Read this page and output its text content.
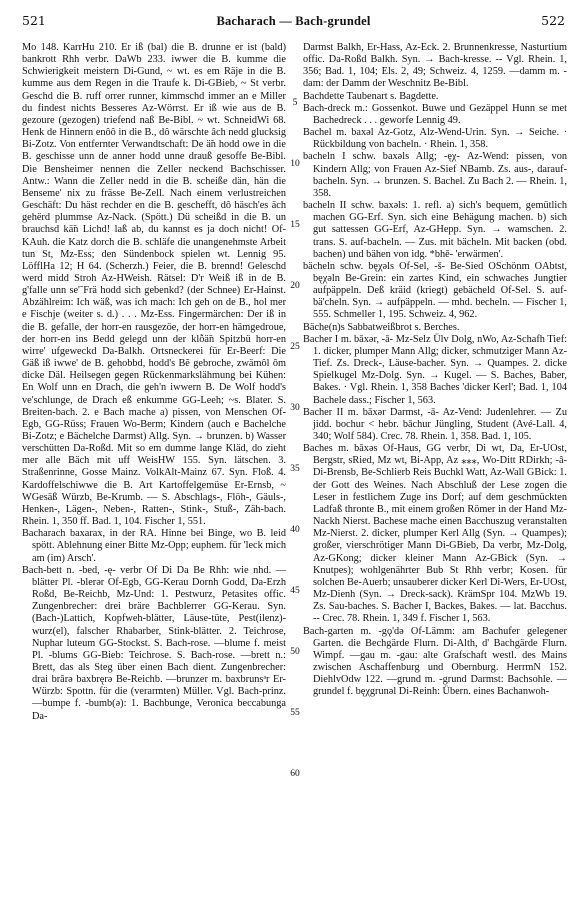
521	Bacharach — Bach-grundel	522

Mo 148. KarrHu 210. Er iß (bal) die B. drunne er ist (bald) bankrott Rhh verbr. DaWb 233. iwwer die B. kumme die Schwierigkeit meistern Di-Gund, ~ wt. es em Räje in die B. kumme aus dem Regen in die Traufe k. Di-GBieb, ~ St verbr. Geschd die B. ruff orrer runner, kimmschd immer an e Miller du findest nichts Besseres Az-Wörrst. Er iß wie aus de B. gezoure (gezogen) triefend naß Be-Bibl. ~ wt. SchneidWi 68. Henk de Hinnern enôô in die B., dô wärschte âch nedd glucksig Bi-Zotz. Von entfernter Verwandtschaft: De ä̃n hodd owe in die B. geschisse unn de anner hodd unne drauß gesoffe Be-Bibl. Die Bensheimer nennen die Zeller neckend Bachschisser. Antw.: Wann die Zeller nedd in die B. scheiße dän, hän die Benseme' nix zu frässe Be-Zell. Nach einem verlustreichen Geschäft: Du häst rechder en die B. geschefft, dô häsch'es äch gehërd plummse Az-Nack. (Spött.) Dü scheißd in die B. un brauchsd kä̃n Lichd! laß ab, du kannst es ja doch nicht! Of-KAuh. die Katz dorch die B. schläfe die unangenehmste Arbeit tun St, Mz-Ess; den Sündenbock spielen wt. Lennig 95. LöfflHa 12; H 64. (Scherzh.) Feier, die B. brennd! Geleschd werd midd Stroh Az-HWeish. Rätsel: D'r Weiß iß in de B. g'falle unn se'̃ Frä hodd sich gebenkd? (der Schnee) Er-Hainst. Abzählreim: Ich wäß, was ich mach: Ich geh on de B., hol mer e Fischje (weiter s. d.) . . . Mz-Ess. Fingermärchen: Der iß in die B. gefalle, der horr-en rausgezöe, der horr-en hämgedroue, der horr-en ins Bedd gelegd unn der klỗä̃n Spitzbü horr-en wirre' ufgeweckd Da-Balkh. Ortsneckerei für Er-Beerf: Die Gäß iß iwwe' de B. gehobbd, hodd's Bẽ gebroche, zwämôl ôm dicke Däl. Heilsegen gegen Rückenmarkslähmung bei Kühen: En Wolf unn en Drach, die geh'n iwwern B. De Wolf hodd's ve'schlunge, de Drach eß enkumme GG-Leeh; ~s. Blater. S. Breiten-bach. 2. e Bach mache a) pissen, von Menschen Of-Egb, GG-Rüss; Frauen Wo-Berm; Kindern (auch e Bachelche Bi-Zotz; e Bächelche Darmst) Allg. Syn. → brunzen. b) Wasser verschütten Da-Roßd. Mit so em dumme lange Kläd, do zieht mer alle Bäch mit uff WeisHW 155. Syn. lätschen. 3. Straßenrinne, Gosse Mainz. VolkAlt-Mainz 67. Syn. Floß. 4. Kardoffelschiwwe die B. Art Kartoffelgemüse Er-Ernsb, ~ WGesäß Würzb, Be-Krumb. — S. Abschlags-, Flöh-, Gäuls-, Henken-, Lägen-, Neben-, Ratten-, Stink-, Stuß-, Zäh-bach. Rhein. 1, 350 ff. Bad. 1, 104. Fischer 1, 551.

Bacharach baxarax, in der RA. Hinne bei Binge, wo B. leid spött. Ablehnung einer Bitte Mz-Opp; euphem. für 'leck mich am (im) Arsch'.

Bach-bett n. -bed, -ę- verbr Of Di Da Be Rhh: wie nhd. —blätter Pl. -blerər Of-Egb, GG-Kerau Dornh Godd, Da-Erzh Roßd, Be-Reichb, Mz-Und: 1. Pestwurz, Petasites offic. Zungenbrecher: drei bräre Bachblerrer GG-Kerau. Syn. (Bach-)Lattich, Kopfweh-blätter, Läuse-tüte, Pest(ilenz)-wurz(el), falscher Rhabarber, Stink-blätter. 2. Teichrose, Nuphar luteum GG-Stockst. S. Bach-rose. —blume f. meist Pl. -blums GG-Bieb: Teichrose. S. Bach-rose. —brett n.: Brett, das als Steg über einen Bach dient. Zungenbrecher: drai brârə baxbręrə Be-Reichb. —brunzer m. baxbrunsᵊr Er-Würzb: Spottn. für die (verarmten) Müller. Vgl. Bach-prinz. —bumpe f. -bumb(ə): 1. Bachbunge, Veronica beccabunga Da-

5
10
15
20
25
30
35
40
45
50
55
60

Darmst Balkh, Er-Hass, Az-Eck. 2. Brunnenkresse, Nasturtium offic. Da-Roßd Balkh. Syn. → Bach-kresse. -- Vgl. Rhein. 1, 356; Bad. 1, 104; Els. 2, 49; Schweiz. 4, 1259. —damm m. -dam: der Damm der Weschnitz Be-Bibl.

Bachdette Taubenart s. Bagdette.

Bach-dreck m.: Gossenkot. Buwe und Gezäppel Hunn se met Bachedreck . . . geworfe Lennig 49.

Bachel m. baxəl Az-Gotz, Alz-Wend-Urin. Syn. → Seiche. · Rückbildung von bacheln. · Rhein. 1, 358.

bacheln I schw. baxəls Allg; -ęχ- Az-Wend: pissen, von Kindern Allg; von Frauen Az-Sief NBamb. Zs. aus-, darauf-bacheln. Syn. → brunzen. S. Bachel. Zu Bach 2. — Rhein. 1, 358.

bacheln II schw. baxəls: 1. refl. a) sich's bequem, gemütlich machen GG-Erf. Syn. sich eine Behägung machen. b) sich gut sattessen GG-Erf, Az-GHepp. Syn. → wamschen. 2. trans. S. auf-bacheln. — Zus. mit bächeln. Mit backen (obd. bachen) und bähen von idg. *bhē- 'erwärmen'.

bächeln schw. bęχəls Of-Sel, -š- Be-Sied OSchönm OAbtst, bęχəln Be-Grein: ein zartes Kind, ein schwaches Jungtier aufpäppeln. Deß kräid (kriegt) gebächeld Of-Sel. S. auf-bä'cheln. Syn. → aufpäppeln. — mhd. becheln. — Fischer 1, 555. Schmeller 1, 195. Schweiz. 4, 962.

Bäche(n)s Sabbatweißbrot s. Berches.

Bacher I m. bāxər, -ā- Mz-Selz Ülv Dolg, nWo, Az-Schafh Tief: 1. dicker, plumper Mann Allg; dicker, schmutziger Mann Az-Tief. Zs. Dreck-, Läuse-bacher. Syn. → Quampes. 2. dicke Spielkugel Mz-Dolg. Syn. → Kugel. — S. Baches, Baber, Bakes. · Vgl. Rhein. 1, 358 Baches 'dicker Kerl'; Bad. 1, 104 Bachele dass.; Fischer 1, 563.

Bacher II m. bāxər Darmst, -ā- Az-Vend: Judenlehrer. — Zu jidd. bochur < hebr. bāchur Jüngling, Student (Avé-Lall. 4, 340; Wolf 584). Crec. 78. Rhein. 1, 358. Bad. 1, 105.

Baches m. bāxəs Of-Haus, GG verbr, Di wt, Da, Er-UOst, Bergstr, sRied, Mz wt, Bi-App, Az ⁎⁎⁎, Wo-Ditt RDirkh; -â- Di-Brensb, Be-Schlierb Reis Buchkl Watt, Az-Wall GBick: 1. der Gott des Weines. Nach Abschluß der Lese zogen die Leser in festlichem Zuge ins Dorf; auf dem geschmückten Ladfaß thronte B., mit einem großen Römer in der Hand Mz-Nackh Nierst. Bachese mache einen Bacchuszug veranstalten Mz-Nierst. 2. dicker, plumper Kerl Allg (Syn. → Quampes); großer, vierschrötiger Mann Di-GBieb, Da verbr, Mz-Dolg, Az-GKong; dicker kleiner Mann Az-GBick (Syn. → Knutpes); wohlgenährter Bub St Rhh verbr; Kosen. für solchen Be-Auerb; unsauberer dicker Kerl Di-Wers, Er-UOst, Mz-Dienh (Syn. → Dreck-sack). KrämSpr 104. MzWb 19. Zs. Sau-baches. S. Bacher I, Backes, Bakes. — lat. Bacchus. -- Crec. 78. Rhein. 1, 349 f. Fischer 1, 563.

Bach-garten m. -gǫ'də Of-Lämm: am Bachufer gelegener Garten. die Bechgärde Flurn. Di-Alth, d' Bachgärde Flurn. Wimpf. —gau m. -gau: alte Grafschaft westl. des Mains zwischen Aschaffenburg und Obernburg. HerrmN 152. DiehlvOdw 122. —grund m. -grund Darmst: Bachsohle. —grundel f. bęχgrunəl Di-Reinh: Übern. eines Bachanwoh-
